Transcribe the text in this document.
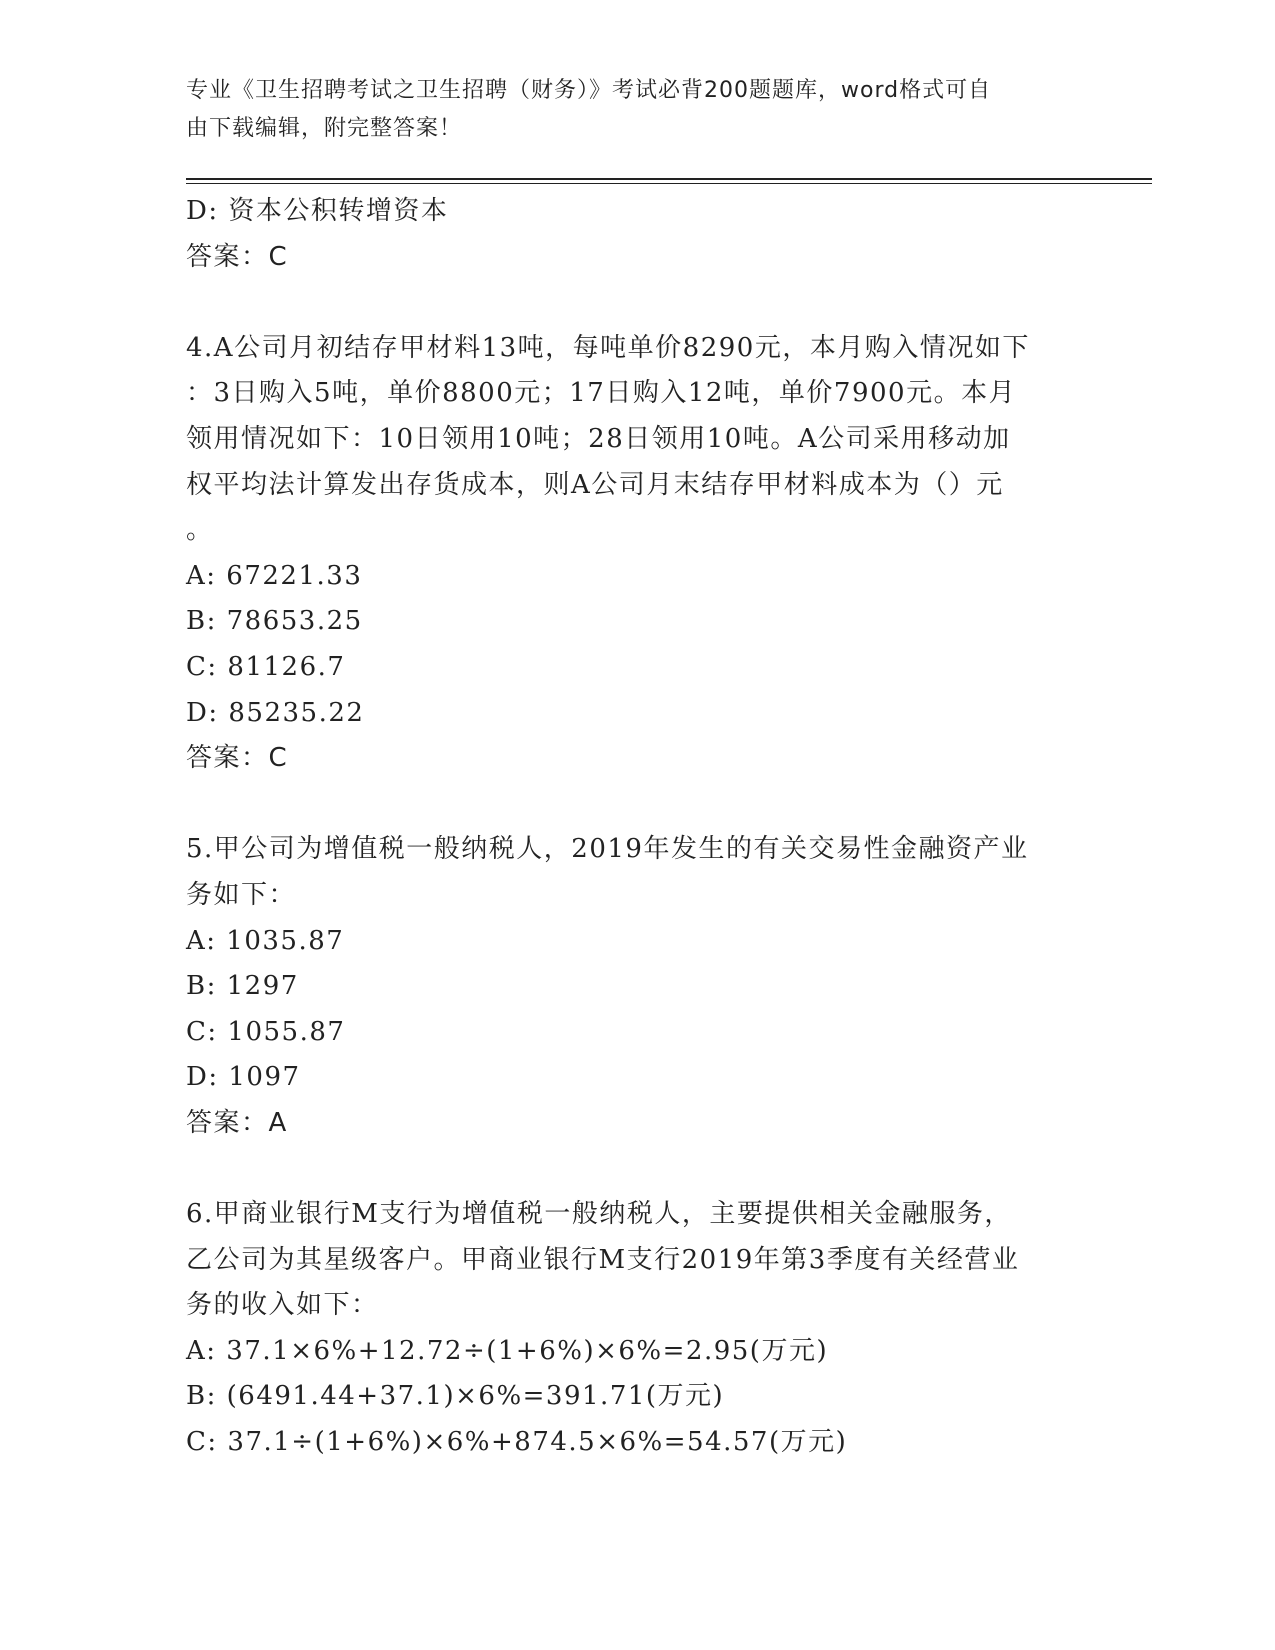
专业《卫生招聘考试之卫生招聘（财务）》考试必背200题题库，word格式可自
由下载编辑，附完整答案！
D: 资本公积转增资本
答案：C
4.A公司月初结存甲材料13吨，每吨单价8290元，本月购入情况如下
：3日购入5吨，单价8800元；17日购入12吨，单价7900元。本月
领用情况如下：10日领用10吨；28日领用10吨。A公司采用移动加
权平均法计算发出存货成本，则A公司月末结存甲材料成本为（）元
。
A: 67221.33
B: 78653.25
C: 81126.7
D: 85235.22
答案：C
5.甲公司为增值税一般纳税人，2019年发生的有关交易性金融资产业
务如下：
A: 1035.87
B: 1297
C: 1055.87
D: 1097
答案：A
6.甲商业银行M支行为增值税一般纳税人，主要提供相关金融服务，
乙公司为其星级客户。甲商业银行M支行2019年第3季度有关经营业
务的收入如下：
A: 37.1×6%+12.72÷(1+6%)×6%=2.95(万元)
B: (6491.44+37.1)×6%=391.71(万元)
C: 37.1÷(1+6%)×6%+874.5×6%=54.57(万元)
